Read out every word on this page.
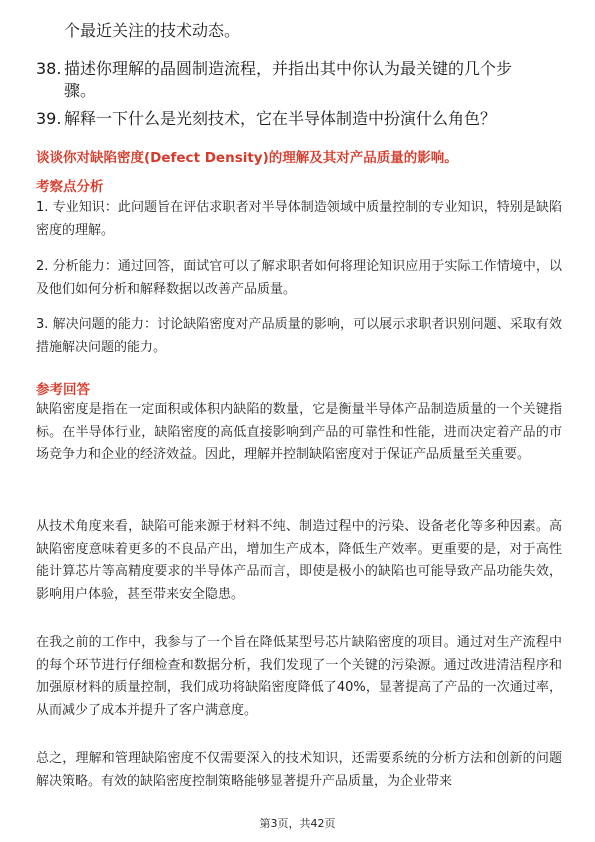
个最近关注的技术动态。
38. 描述你理解的晶圆制造流程，并指出其中你认为最关键的几个步
骤。
39. 解释一下什么是光刻技术，它在半导体制造中扮演什么角色？
谈谈你对缺陷密度(Defect Density)的理解及其对产品质量的影响。
考察点分析
1. 专业知识：此问题旨在评估求职者对半导体制造领域中质量控制的专业知识，特别是缺陷密度的理解。
2. 分析能力：通过回答，面试官可以了解求职者如何将理论知识应用于实际工作情境中，以及他们如何分析和解释数据以改善产品质量。
3. 解决问题的能力：讨论缺陷密度对产品质量的影响，可以展示求职者识别问题、采取有效措施解决问题的能力。
参考回答
缺陷密度是指在一定面积或体积内缺陷的数量，它是衡量半导体产品制造质量的一个关键指标。在半导体行业，缺陷密度的高低直接影响到产品的可靠性和性能，进而决定着产品的市场竞争力和企业的经济效益。因此，理解并控制缺陷密度对于保证产品质量至关重要。
从技术角度来看，缺陷可能来源于材料不纯、制造过程中的污染、设备老化等多种因素。高缺陷密度意味着更多的不良品产出，增加生产成本，降低生产效率。更重要的是，对于高性能计算芯片等高精度要求的半导体产品而言，即使是极小的缺陷也可能导致产品功能失效，影响用户体验，甚至带来安全隐患。
在我之前的工作中，我参与了一个旨在降低某型号芯片缺陷密度的项目。通过对生产流程中的每个环节进行仔细检查和数据分析，我们发现了一个关键的污染源。通过改进清洁程序和加强原材料的质量控制，我们成功将缺陷密度降低了40%，显著提高了产品的一次通过率，从而减少了成本并提升了客户满意度。
总之，理解和管理缺陷密度不仅需要深入的技术知识，还需要系统的分析方法和创新的问题解决策略。有效的缺陷密度控制策略能够显著提升产品质量，为企业带来
第3页，共42页
